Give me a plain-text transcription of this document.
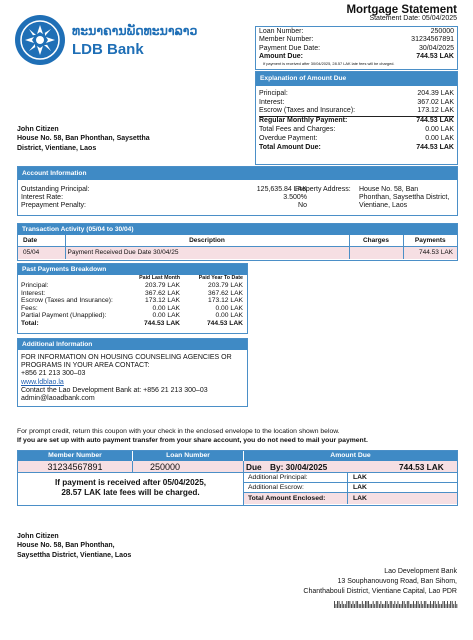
ທະນາຄານພັດທະນາລາວ
LDB Bank
Mortgage Statement
Statement Date: 05/04/2025
Loan Number:	250000
Member Number:	31234567891
Payment Due Date:	30/04/2025
Amount Due:	744.53 LAK
If payment is received after 30/04/2025, 28.57 LAK late fees will be charged.
Explanation of Amount Due
Principal:	204.39 LAK
Interest:	367.02 LAK
Escrow (Taxes and Insurance):	173.12 LAK
Regular Monthly Payment:	744.53 LAK
Total Fees and Charges:	0.00 LAK
Overdue Payment:	0.00 LAK
Total Amount Due:	744.53 LAK
John Citizen
House No. 58, Ban Phonthan, Saysettha
District, Vientiane, Laos
Account Information
Outstanding Principal:	125,635.84 LAK
Interest Rate:	3.500%
Prepayment Penalty:	No
Property Address: House No. 58, Ban
Phonthan, Saysettha District,
Vientiane, Laos
Transaction Activity (05/04 to 30/04)
Date	Description	Charges	Payments
05/04	Payment Received Due Date 30/04/25		744.53 LAK
Past Payments Breakdown
	Paid Last Month	Paid Year To Date
Principal:	203.79 LAK	203.79 LAK
Interest:	367.62 LAK	367.62 LAK
Escrow (Taxes and Insurance):	173.12 LAK	173.12 LAK
Fees:	0.00 LAK	0.00 LAK
Partial Payment (Unapplied):	0.00 LAK	0.00 LAK
Total:	744.53 LAK	744.53 LAK
Additional Information
FOR INFORMATION ON HOUSING COUNSELING AGENCIES OR
PROGRAMS IN YOUR AREA CONTACT:
+856 21 213 300–03
www.ldblao.la
Contact the Lao Development Bank at: +856 21 213 300–03
admin@laoadbank.com
For prompt credit, return this coupon with your check in the enclosed envelope to the location shown below.
If you are set up with auto payment transfer from your share account, you do not need to mail your payment.
Member Number	Loan Number	Amount Due
31234567891	250000	Due By: 30/04/2025	744.53 LAK
If payment is received after 05/04/2025,
28.57 LAK late fees will be charged.
Additional Principal:	LAK
Additional Escrow:	LAK
Total Amount Enclosed:	LAK
John Citizen
House No. 58, Ban Phonthan,
Saysettha District, Vientiane, Laos
Lao Development Bank
13 Souphanouvong Road, Ban Sihom,
Chanthabouli District, Vientiane Capital, Lao PDR
